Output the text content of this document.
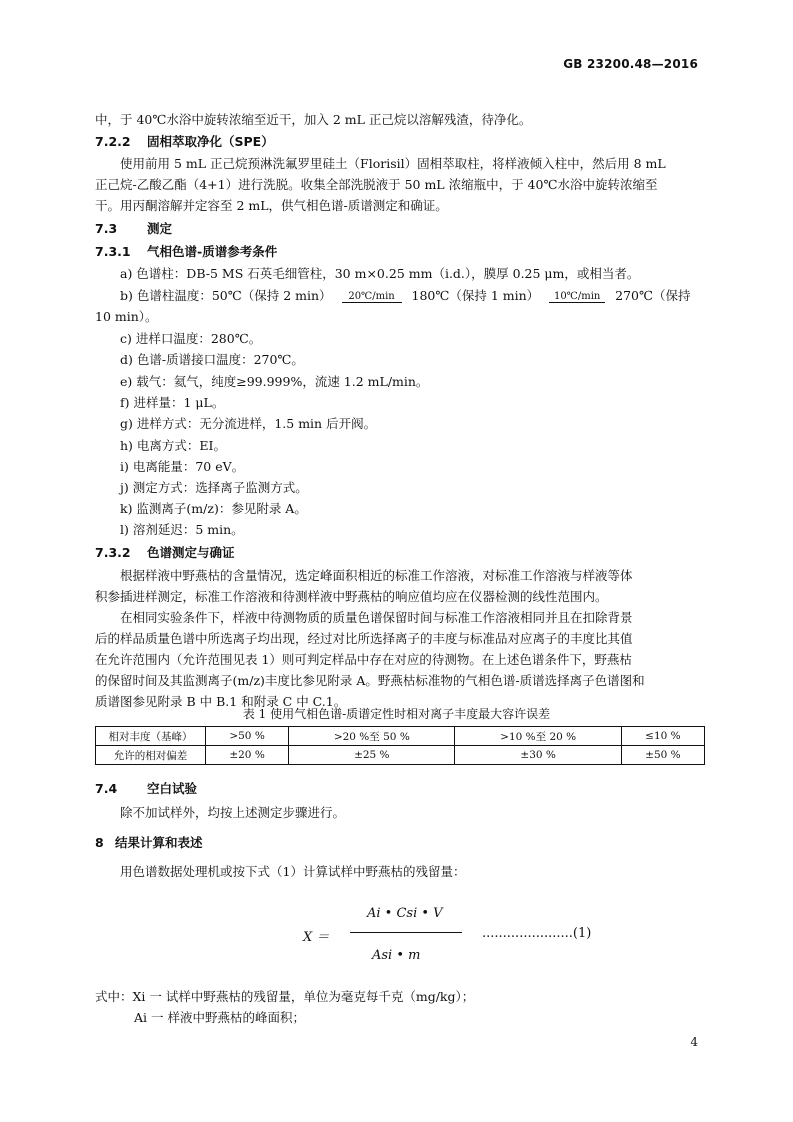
GB 23200.48—2016
中，于 40℃水浴中旋转浓缩至近干，加入 2 mL 正己烷以溶解残渣，待净化。
7.2.2 固相萃取净化（SPE）
使用前用 5 mL 正己烷预淋洗氟罗里硅土（Florisil）固相萃取柱，将样液倾入柱中，然后用 8 mL
正己烷-乙酸乙酯（4+1）进行洗脱。收集全部洗脱液于 50 mL 浓缩瓶中，于 40℃水浴中旋转浓缩至
干。用丙酮溶解并定容至 2 mL，供气相色谱-质谱测定和确证。
7.3 测定
7.3.1 气相色谱-质谱参考条件
a) 色谱柱：DB-5 MS 石英毛细管柱，30 m×0.25 mm（i.d.），膜厚 0.25 μm，或相当者。
b) 色谱柱温度：50℃（保持 2 min） 20℃/min 180℃（保持 1 min） 10℃/min 270℃（保持
10 min）。
c) 进样口温度：280℃。
d) 色谱-质谱接口温度：270℃。
e) 载气：氦气，纯度≥99.999%，流速 1.2 mL/min。
f) 进样量：1 μL。
g) 进样方式：无分流进样，1.5 min 后开阀。
h) 电离方式：EI。
i) 电离能量：70 eV。
j) 测定方式：选择离子监测方式。
k) 监测离子(m/z)：参见附录 A。
l) 溶剂延迟：5 min。
7.3.2 色谱测定与确证
根据样液中野燕枯的含量情况，选定峰面积相近的标准工作溶液，对标准工作溶液与样液等体
积参插进样测定，标准工作溶液和待测样液中野燕枯的响应值均应在仪器检测的线性范围内。
在相同实验条件下，样液中待测物质的质量色谱保留时间与标准工作溶液相同并且在扣除背景
后的样品质量色谱中所选离子均出现，经过对比所选择离子的丰度与标准品对应离子的丰度比其值
在允许范围内（允许范围见表 1）则可判定样品中存在对应的待测物。在上述色谱条件下，野燕枯
的保留时间及其监测离子(m/z)丰度比参见附录 A。野燕枯标准物的气相色谱-质谱选择离子色谱图和
质谱图参见附录 B 中 B.1 和附录 C 中 C.1。
表 1 使用气相色谱-质谱定性时相对离子丰度最大容许误差
相对丰度（基峰）	>50 %	>20 %至 50 %	>10 %至 20 %	≤10 %
允许的相对偏差	±20 %	±25 %	±30 %	±50 %
7.4 空白试验
除不加试样外，均按上述测定步骤进行。
8 结果计算和表述
用色谱数据处理机或按下式（1）计算试样中野燕枯的残留量：
X ＝
Ai • Csi • V
Asi • m
......................(1)
式中：Xi 一 试样中野燕枯的残留量，单位为毫克每千克（mg/kg）；
Ai 一 样液中野燕枯的峰面积；
4
